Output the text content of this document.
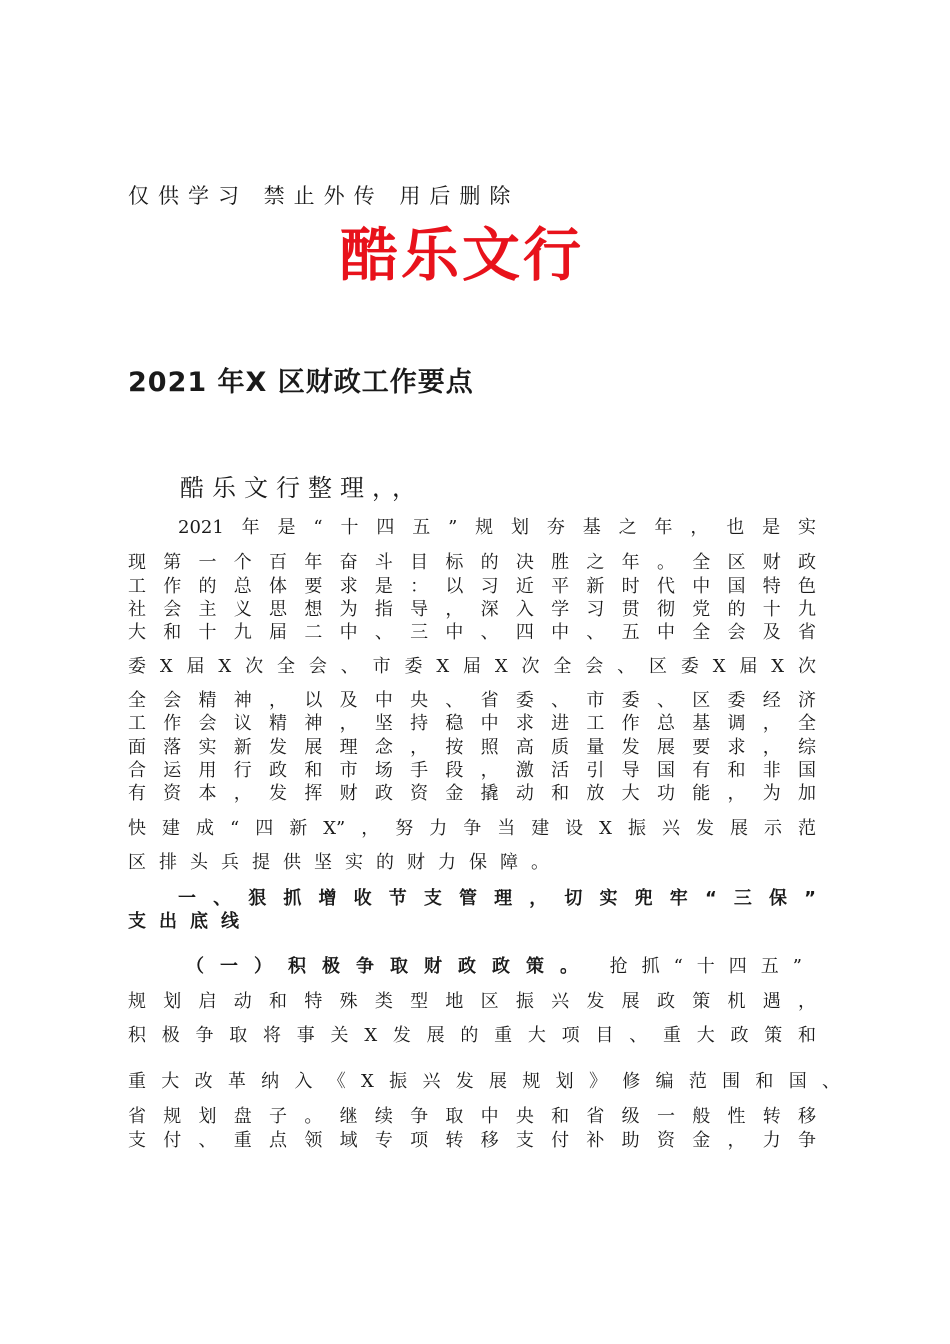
仅供学习 禁止外传 用后删除
酷乐文行
2021 年X 区财政工作要点
酷乐文行整理，，
2021年是“十四五”规划夯基之年，也是实
现第一个百年奋斗目标的决胜之年。全区财政
工作的总体要求是：以习近平新时代中国特色
社会主义思想为指导，深入学习贯彻党的十九
大和十九届二中、三中、四中、五中全会及省
委X届X次全会、市委X届X次全会、区委X届X次
全会精神，以及中央、省委、市委、区委经济
工作会议精神，坚持稳中求进工作总基调，全
面落实新发展理念，按照高质量发展要求，综
合运用行政和市场手段，激活引导国有和非国
有资本，发挥财政资金撬动和放大功能，为加
快建成“四新X”，努力争当建设X振兴发展示范
区排头兵提供坚实的财力保障。
一、狠抓增收节支管理，切实兜牢“三保”
支出底线
（一）积极争取财政政策。 抢抓“十四五”
规划启动和特殊类型地区振兴发展政策机遇，
积极争取将事关X发展的重大项目、重大政策和
重大改革纳入《X振兴发展规划》修编范围和国、
省规划盘子。继续争取中央和省级一般性转移
支付、重点领域专项转移支付补助资金，力争
